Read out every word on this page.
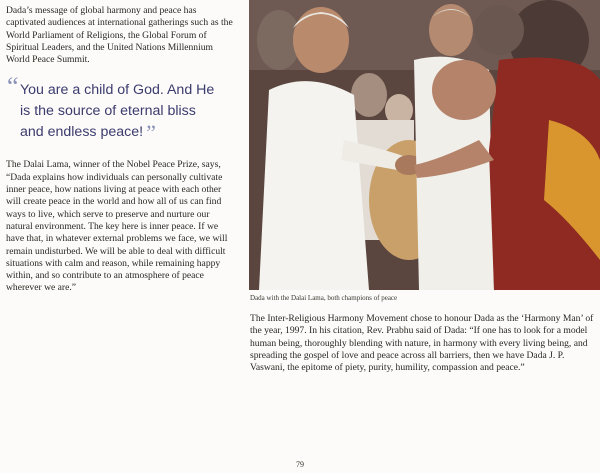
Dada’s message of global harmony and peace has captivated audiences at international gatherings such as the World Parliament of Religions, the Global Forum of Spiritual Leaders, and the United Nations Millennium World Peace Summit.

“ You are a child of God. And He is the source of eternal bliss and endless peace! ”

The Dalai Lama, winner of the Nobel Peace Prize, says, “Dada explains how individuals can personally cultivate inner peace, how nations living at peace with each other will create peace in the world and how all of us can find ways to live, which serve to preserve and nurture our natural environment. The key here is inner peace. If we have that, in whatever external problems we face, we will remain undisturbed. We will be able to deal with difficult situations with calm and reason, while remaining happy within, and so contribute to an atmosphere of peace wherever we are.”

Dada with the Dalai Lama, both champions of peace

The Inter-Religious Harmony Movement chose to honour Dada as the ‘Harmony Man’ of the year, 1997. In his citation, Rev. Prabhu said of Dada: “If one has to look for a model human being, thoroughly blending with nature, in harmony with every living being, and spreading the gospel of love and peace across all barriers, then we have Dada J. P. Vaswani, the epitome of piety, purity, humility, compassion and peace.”

79
